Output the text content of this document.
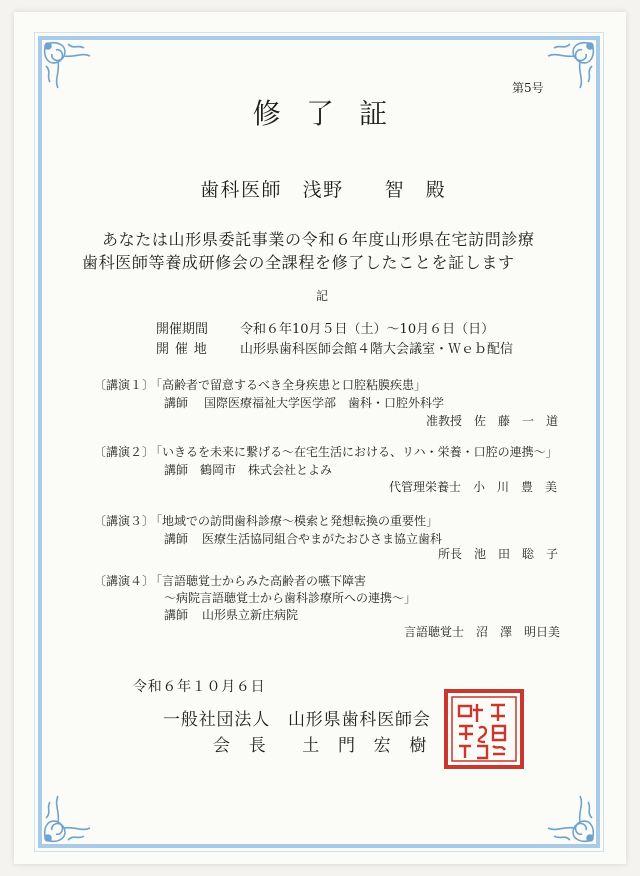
第5号
修了証
歯科医師　浅野　　智　殿
あなたは山形県委託事業の令和６年度山形県在宅訪問診療
歯科医師等養成研修会の全課程を修了したことを証します
記
開催期間 令和６年10月５日（土）〜10月６日（日）
開催地 山形県歯科医師会館４階大会議室・Ｗｅｂ配信
〔講演１〕
「高齢者で留意するべき全身疾患と口腔粘膜疾患」
講師 国際医療福祉大学医学部　歯科・口腔外科学
准教授　佐　藤　一　道
〔講演２〕
「いきるを未来に繋げる〜在宅生活における、リハ・栄養・口腔の連携〜」
講師 鶴岡市　株式会社とよみ
代管理栄養士　小　川　豊　美
〔講演３〕
「地域での訪問歯科診療〜模索と発想転換の重要性」
講師 医療生活協同組合やまがたおひさま協立歯科
所長　池　田　聡　子
〔講演４〕
「言語聴覚士からみた高齢者の嚥下障害
〜病院言語聴覚士から歯科診療所への連携〜」
講師 山形県立新庄病院
言語聴覚士　沼　澤　明日美
令和６年１０月６日
一般社団法人　山形県歯科医師会
会　長　　土　門　宏　樹
